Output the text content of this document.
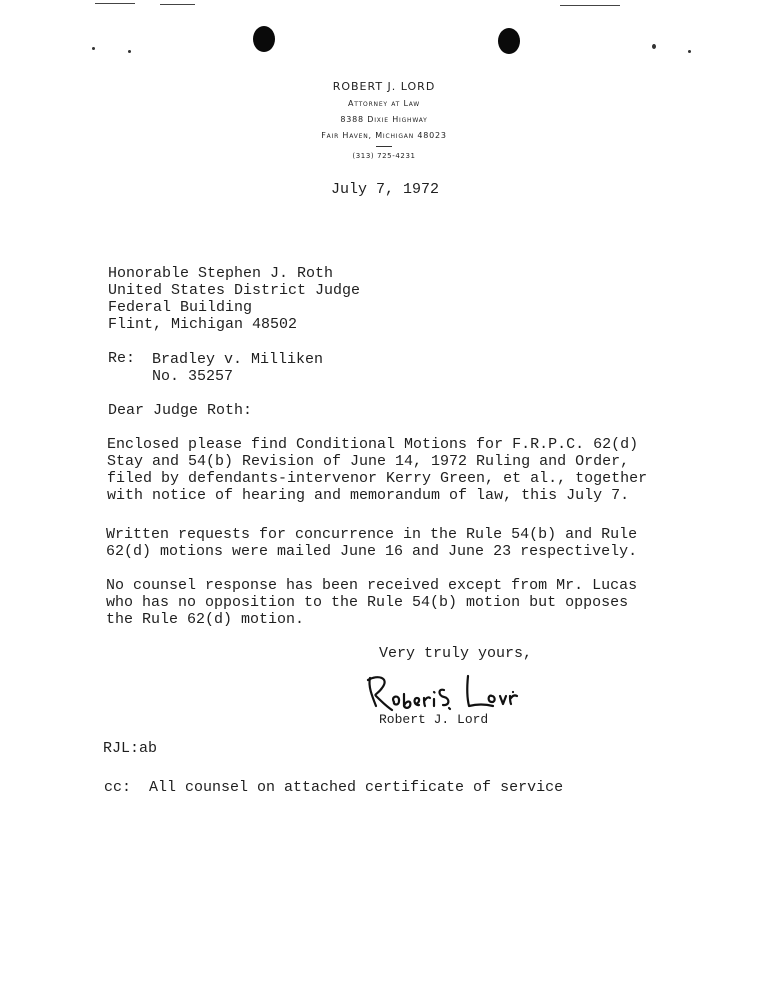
ROBERT J. LORD
Attorney at Law
8388 Dixie Highway
Fair Haven, Michigan 48023
(313) 725-4231
July 7, 1972
Honorable Stephen J. Roth
United States District Judge
Federal Building
Flint, Michigan 48502
Re: Bradley v. Milliken
No. 35257
Dear Judge Roth:
Enclosed please find Conditional Motions for F.R.P.C. 62(d)
Stay and 54(b) Revision of June 14, 1972 Ruling and Order,
filed by defendants-intervenor Kerry Green, et al., together
with notice of hearing and memorandum of law, this July 7.
Written requests for concurrence in the Rule 54(b) and Rule
62(d) motions were mailed June 16 and June 23 respectively.
No counsel response has been received except from Mr. Lucas
who has no opposition to the Rule 54(b) motion but opposes
the Rule 62(d) motion.
Very truly yours,
Robert J. Lord
RJL:ab
cc:  All counsel on attached certificate of service
